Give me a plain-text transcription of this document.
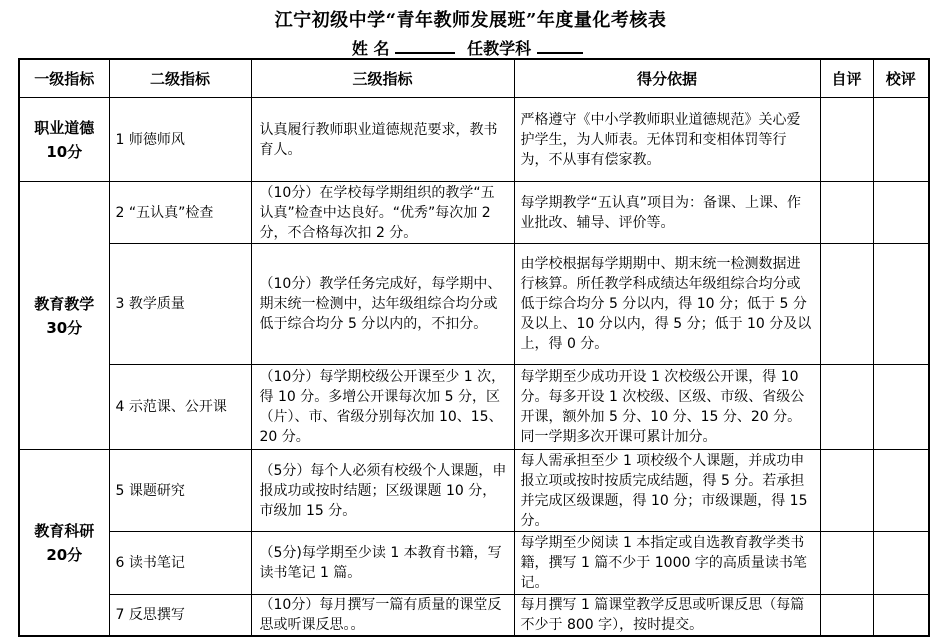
江宁初级中学“青年教师发展班”年度量化考核表
姓 名	任教学科
一级指标	二级指标	三级指标	得分依据	自评	校评

职业道德
10分	1 师德师风	认真履行教师职业道德规范要求，教书育人。	严格遵守《中小学教师职业道德规范》关心爱护学生，为人师表。无体罚和变相体罚等行为，不从事有偿家教。		

教育教学
30分	2 “五认真”检查	（10分）在学校每学期组织的教学“五认真”检查中达良好。“优秀”每次加 2 分，不合格每次扣 2 分。	每学期教学“五认真”项目为：备课、上课、作业批改、辅导、评价等。		
	3 教学质量	（10分）教学任务完成好，每学期中、期末统一检测中，达年级组综合均分或低于综合均分 5 分以内的，不扣分。	由学校根据每学期期中、期末统一检测数据进行核算。所任教学科成绩达年级组综合均分或低于综合均分 5 分以内，得 10 分；低于 5 分及以上、10 分以内，得 5 分；低于 10 分及以上，得 0 分。		
	4 示范课、公开课	（10分）每学期校级公开课至少 1 次，得 10 分。多增公开课每次加 5 分，区（片）、市、省级分别每次加 10、15、20 分。	每学期至少成功开设 1 次校级公开课，得 10 分。每多开设 1 次校级、区级、市级、省级公开课，额外加 5 分、10 分、15 分、20 分。同一学期多次开课可累计加分。		

教育科研
20分	5 课题研究	（5分）每个人必须有校级个人课题，申报成功或按时结题；区级课题 10 分，市级加 15 分。	每人需承担至少 1 项校级个人课题，并成功申报立项或按时按质完成结题，得 5 分。若承担并完成区级课题，得 10 分；市级课题，得 15 分。		
	6 读书笔记	（5分)每学期至少读 1 本教育书籍，写读书笔记 1 篇。	每学期至少阅读 1 本指定或自选教育教学类书籍，撰写 1 篇不少于 1000 字的高质量读书笔记。		
	7 反思撰写	（10分）每月撰写一篇有质量的课堂反思或听课反思。。	每月撰写 1 篇课堂教学反思或听课反思（每篇不少于 800 字），按时提交。		
